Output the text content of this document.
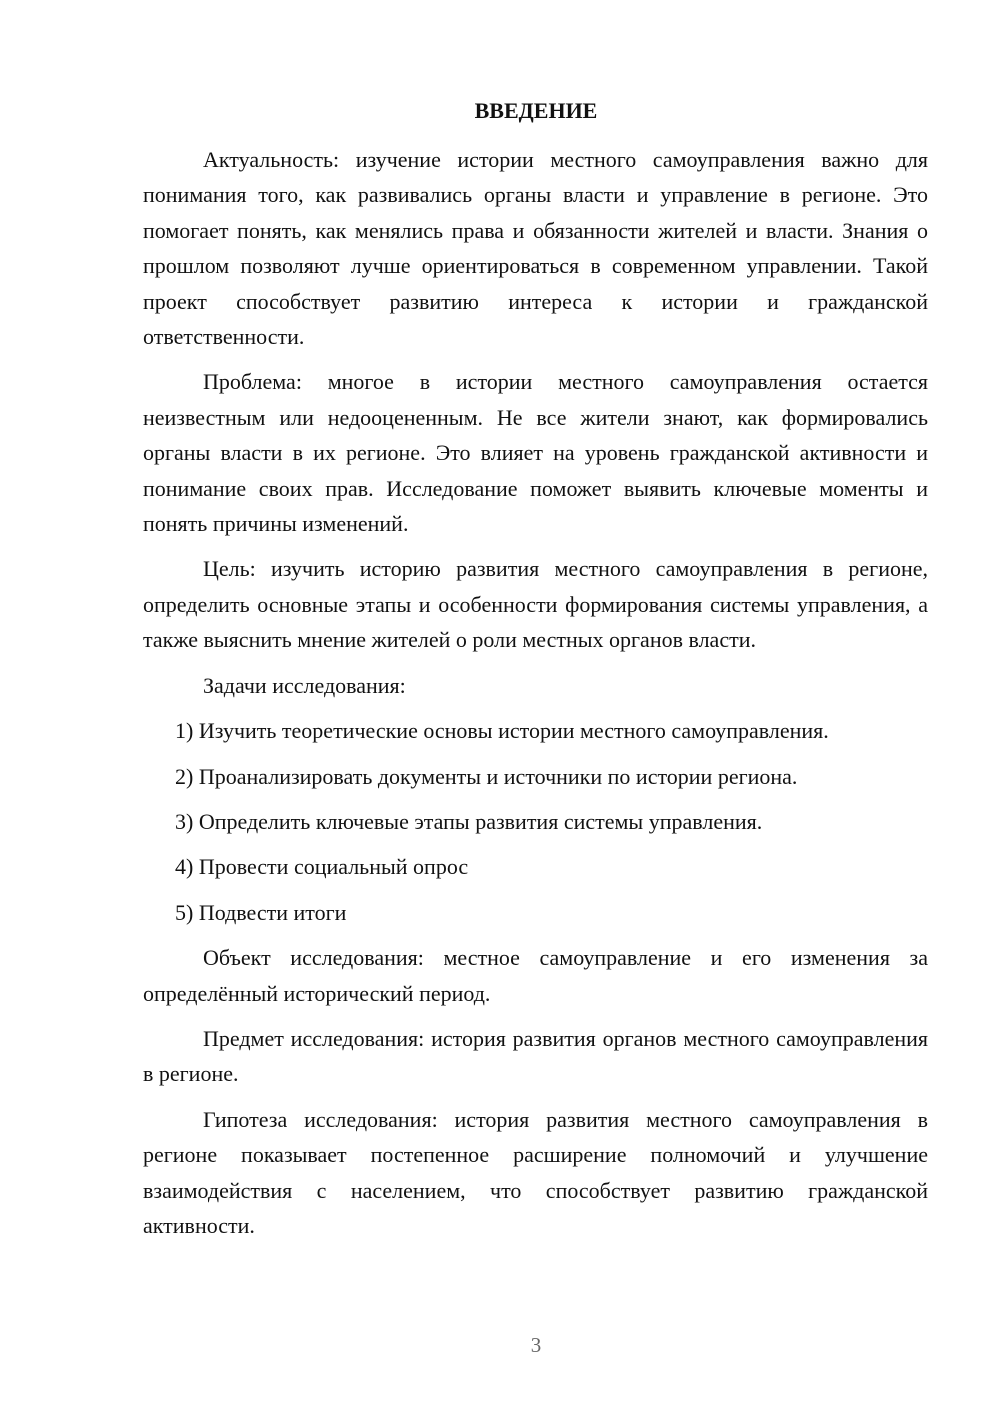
ВВЕДЕНИЕ

Актуальность: изучение истории местного самоуправления важно для понимания того, как развивались органы власти и управление в регионе. Это помогает понять, как менялись права и обязанности жителей и власти. Знания о прошлом позволяют лучше ориентироваться в современном управлении. Такой проект способствует развитию интереса к истории и гражданской ответственности.

Проблема: многое в истории местного самоуправления остается неизвестным или недооцененным. Не все жители знают, как формировались органы власти в их регионе. Это влияет на уровень гражданской активности и понимание своих прав. Исследование поможет выявить ключевые моменты и понять причины изменений.

Цель: изучить историю развития местного самоуправления в регионе, определить основные этапы и особенности формирования системы управления, а также выяснить мнение жителей о роли местных органов власти.

Задачи исследования:

1) Изучить теоретические основы истории местного самоуправления.

2) Проанализировать документы и источники по истории региона.

3) Определить ключевые этапы развития системы управления.

4) Провести социальный опрос

5) Подвести итоги

Объект исследования: местное самоуправление и его изменения за определённый исторический период.

Предмет исследования: история развития органов местного самоуправления в регионе.

Гипотеза исследования: история развития местного самоуправления в регионе показывает постепенное расширение полномочий и улучшение взаимодействия с населением, что способствует развитию гражданской активности.

3
